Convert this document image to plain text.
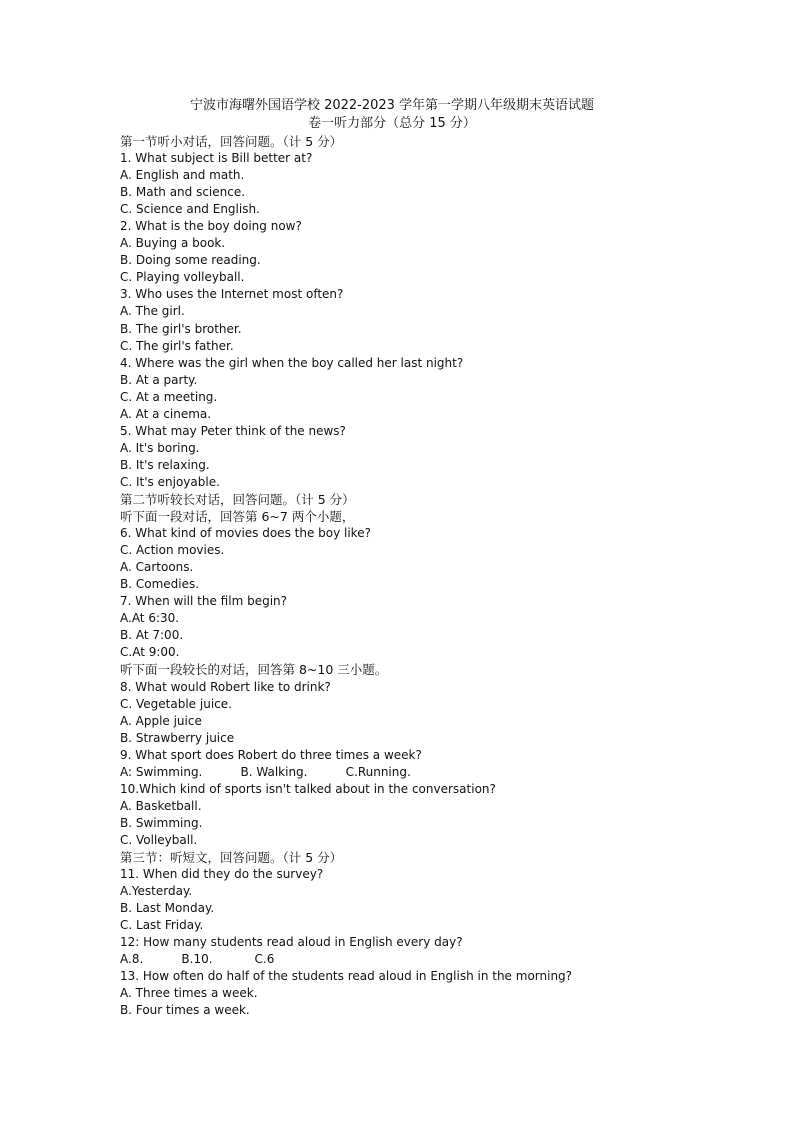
宁波市海曙外国语学校 2022-2023 学年第一学期八年级期末英语试题
卷一听力部分（总分 15 分）
第一节听小对话，回答问题。（计 5 分）
1. What subject is Bill better at?
A. English and math.
B. Math and science.
C. Science and English.
2. What is the boy doing now?
A. Buying a book.
B. Doing some reading.
C. Playing volleyball.
3. Who uses the Internet most often?
A. The girl.
B. The girl's brother.
C. The girl's father.
4. Where was the girl when the boy called her last night?
B. At a party.
C. At a meeting.
A. At a cinema.
5. What may Peter think of the news?
A. It's boring.
B. It's relaxing.
C. It's enjoyable.
第二节听较长对话，回答问题。（计 5 分）
听下面一段对话，回答第 6~7 两个小题，
6. What kind of movies does the boy like?
C. Action movies.
A. Cartoons.
B. Comedies.
7. When will the film begin?
A.At 6:30.
B. At 7:00.
C.At 9:00.
听下面一段较长的对话，回答第 8~10 三小题。
8. What would Robert like to drink?
C. Vegetable juice.
A. Apple juice
B. Strawberry juice
9. What sport does Robert do three times a week?
A: Swimming.          B. Walking.          C.Running.
10.Which kind of sports isn't talked about in the conversation?
A. Basketball.
B. Swimming.
C. Volleyball.
第三节：听短文，回答问题。（计 5 分）
11. When did they do the survey?
A.Yesterday.
B. Last Monday.
C. Last Friday.
12: How many students read aloud in English every day?
A.8.          B.10.           C.6
13. How often do half of the students read aloud in English in the morning?
A. Three times a week.
B. Four times a week.
